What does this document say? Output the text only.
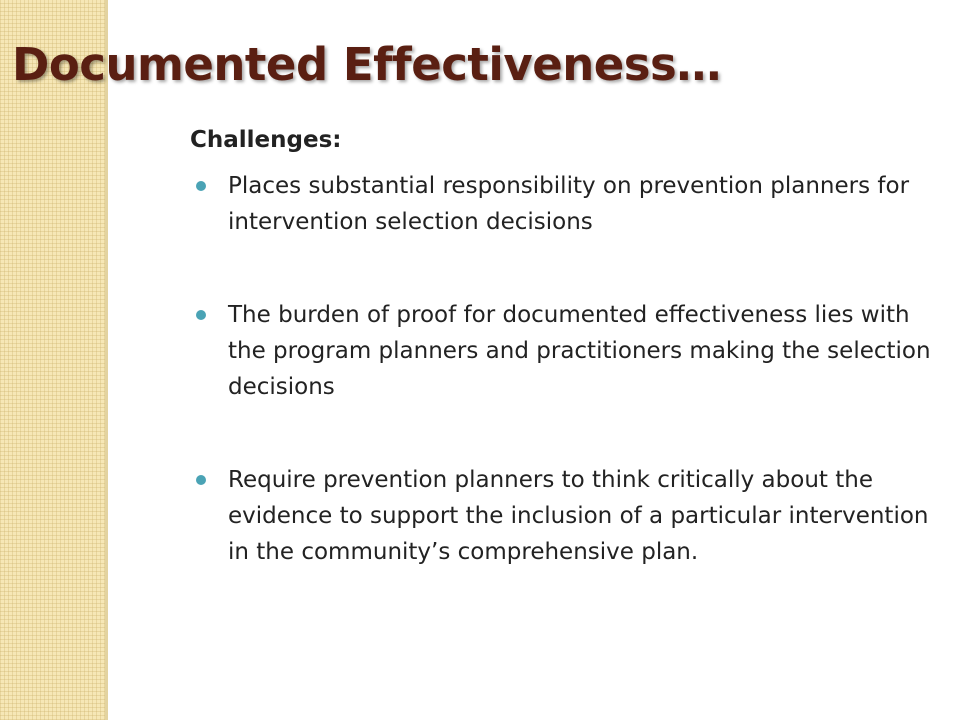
Documented Effectiveness…
Challenges:
Places substantial responsibility on prevention planners for intervention selection decisions
The burden of proof for documented effectiveness lies with the program planners and practitioners making the selection decisions
Require prevention planners to think critically about the evidence to support the inclusion of a particular intervention in the community’s comprehensive plan.
